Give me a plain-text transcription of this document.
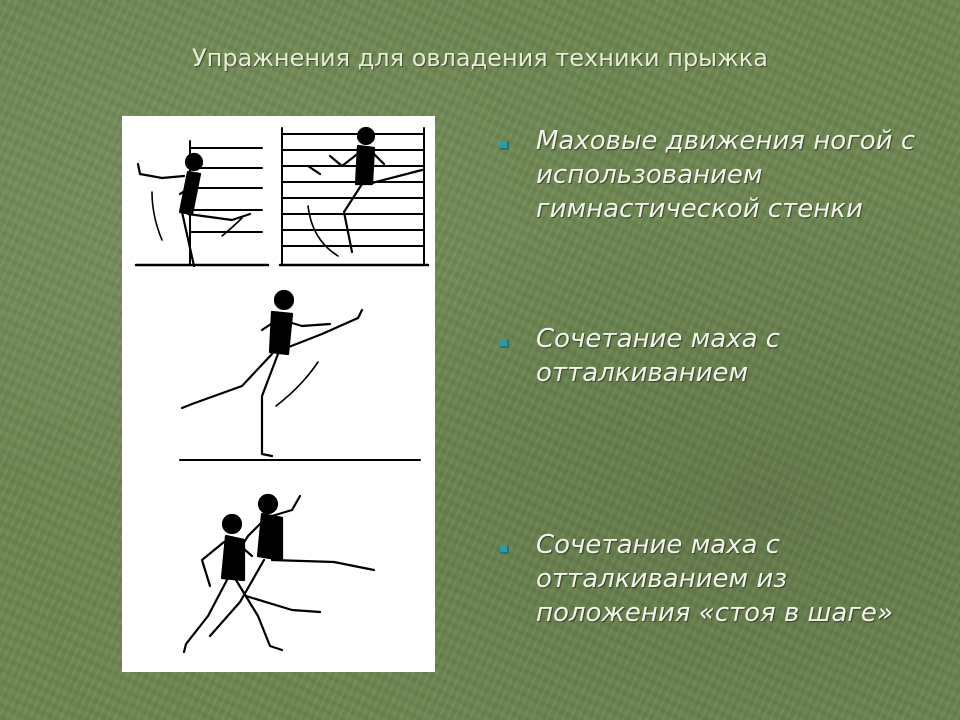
Упражнения для овладения техники прыжка
Маховые движения ногой с использованием гимнастической стенки
Сочетание маха с отталкиванием
Сочетание маха с отталкиванием из положения «стоя в шаге»
